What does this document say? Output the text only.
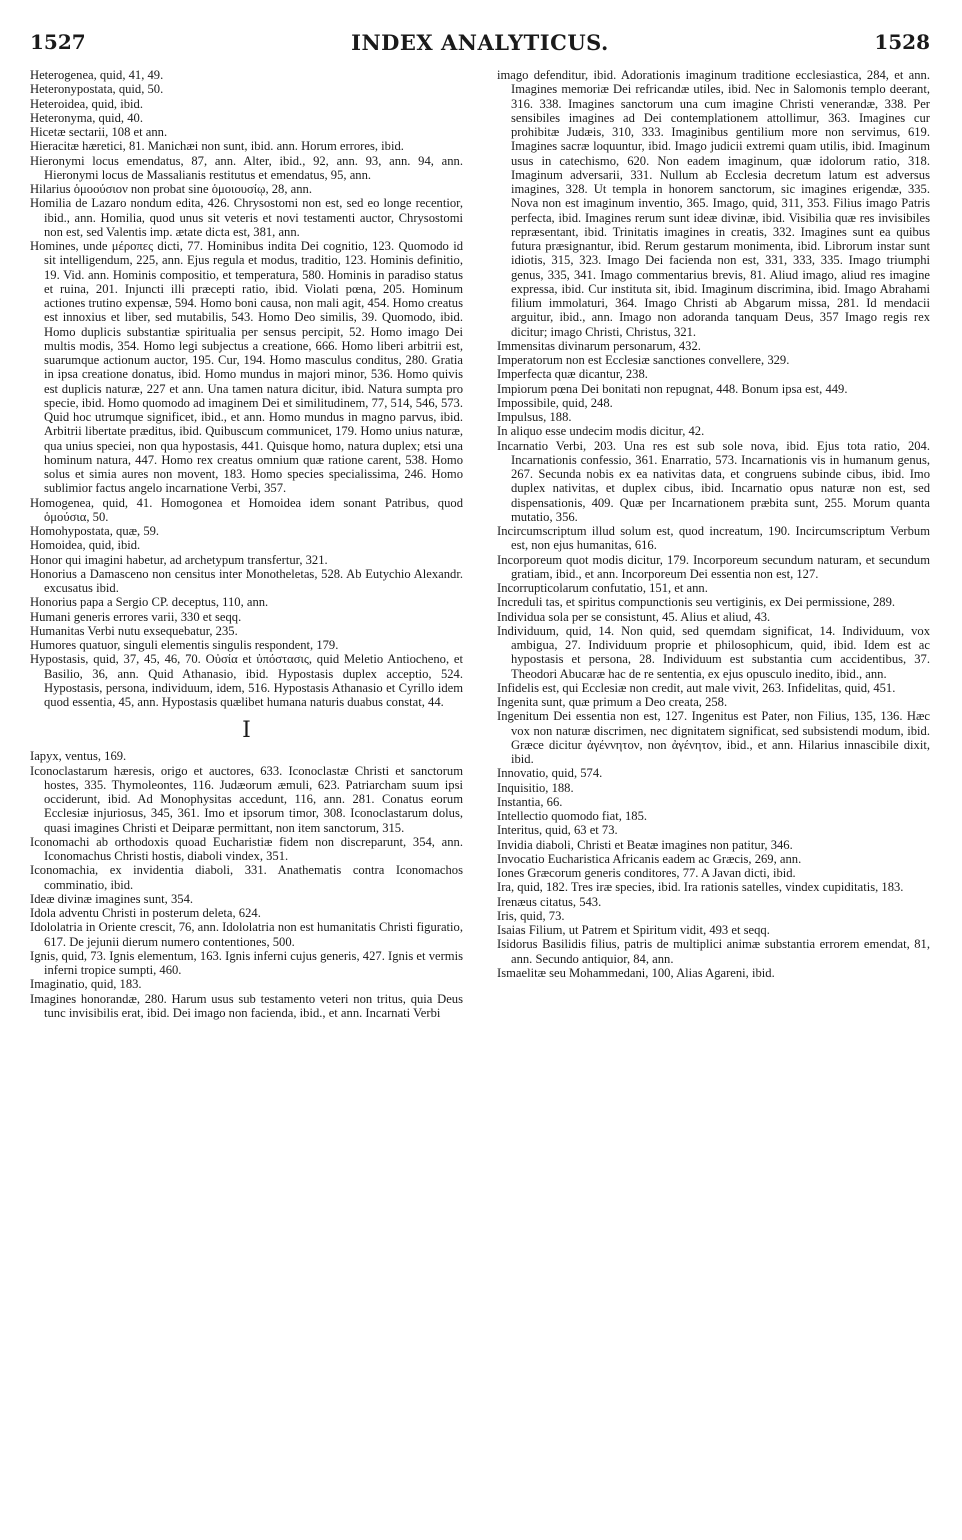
1527	INDEX ANALYTICUS.	1528

Heterogenea, quid, 41, 49.

Heteronypostata, quid, 50.

Heteroidea, quid, ibid.

Heteronyma, quid, 40.

Hicetæ sectarii, 108 et ann.

Hieracitæ hæretici, 81. Manichæi non sunt, ibid. ann. Horum errores, ibid.

Hieronymi locus emendatus, 87, ann. Alter, ibid., 92, ann. 93, ann. 94, ann. Hieronymi locus de Massalianis restitutus et emendatus, 95, ann.

Hilarius ὁμοούσιον non probat sine ὁμοιουσίῳ, 28, ann.

Homilia de Lazaro nondum edita, 426. Chrysostomi non est, sed eo longe recentior, ibid., ann. Homilia, quod unus sit veteris et novi testamenti auctor, Chrysostomi non est, sed Valentis imp. ætate dicta est, 381, ann.

Homines, unde μέροπες dicti, 77. Hominibus indita Dei cognitio, 123. Quomodo id sit intelligendum, 225, ann. Ejus regula et modus, traditio, 123. Hominis definitio, 19. Vid. ann. Hominis compositio, et temperatura, 580. Hominis in paradiso status et ruina, 201. Injuncti illi præcepti ratio, ibid. Violati pœna, 205. Hominum actiones trutino expensæ, 594. Homo boni causa, non mali agit, 454. Homo creatus est innoxius et liber, sed mutabilis, 543. Homo Deo similis, 39. Quomodo, ibid. Homo duplicis substantiæ spiritualia per sensus percipit, 52. Homo imago Dei multis modis, 354. Homo legi subjectus a creatione, 666. Homo liberi arbitrii est, suarumque actionum auctor, 195. Cur, 194. Homo masculus conditus, 280. Gratia in ipsa creatione donatus, ibid. Homo mundus in majori minor, 536. Homo quivis est duplicis naturæ, 227 et ann. Una tamen natura dicitur, ibid. Natura sumpta pro specie, ibid. Homo quomodo ad imaginem Dei et similitudinem, 77, 514, 546, 573. Quid hoc utrumque significet, ibid., et ann. Homo mundus in magno parvus, ibid. Arbitrii libertate præditus, ibid. Quibuscum communicet, 179. Homo unius naturæ, qua unius speciei, non qua hypostasis, 441. Quisque homo, natura duplex; etsi una hominum natura, 447. Homo rex creatus omnium quæ ratione carent, 538. Homo solus et simia aures non movent, 183. Homo species specialissima, 246. Homo sublimior factus angelo incarnatione Verbi, 357.

Homogenea, quid, 41. Homogonea et Homoidea idem sonant Patribus, quod ὁμούσια, 50.

Homohypostata, quæ, 59.

Homoidea, quid, ibid.

Honor qui imagini habetur, ad archetypum transfertur, 321.

Honorius a Damasceno non censitus inter Monotheletas, 528. Ab Eutychio Alexandr. excusatus ibid.

Honorius papa a Sergio CP. deceptus, 110, ann.

Humani generis errores varii, 330 et seqq.

Humanitas Verbi nutu exsequebatur, 235.

Humores quatuor, singuli elementis singulis respondent, 179.

Hypostasis, quid, 37, 45, 46, 70. Οὐσία et ὑπόστασις, quid Meletio Antiocheno, et Basilio, 36, ann. Quid Athanasio, ibid. Hypostasis duplex acceptio, 524. Hypostasis, persona, individuum, idem, 516. Hypostasis Athanasio et Cyrillo idem quod essentia, 45, ann. Hypostasis quælibet humana naturis duabus constat, 44.

I

Iapyx, ventus, 169.

Iconoclastarum hæresis, origo et auctores, 633. Iconoclastæ Christi et sanctorum hostes, 335. Thymoleontes, 116. Judæorum æmuli, 623. Patriarcham suum ipsi occiderunt, ibid. Ad Monophysitas accedunt, 116, ann. 281. Conatus eorum Ecclesiæ injuriosus, 345, 361. Imo et ipsorum timor, 308. Iconoclastarum dolus, quasi imagines Christi et Deiparæ permittant, non item sanctorum, 315.

Iconomachi ab orthodoxis quoad Eucharistiæ fidem non discreparunt, 354, ann. Iconomachus Christi hostis, diaboli vindex, 351.

Iconomachia, ex invidentia diaboli, 331. Anathematis contra Iconomachos comminatio, ibid.

Ideæ divinæ imagines sunt, 354.

Idola adventu Christi in posterum deleta, 624.

Idololatria in Oriente crescit, 76, ann. Idololatria non est humanitatis Christi figuratio, 617. De jejunii dierum numero contentiones, 500.

Ignis, quid, 73. Ignis elementum, 163. Ignis inferni cujus generis, 427. Ignis et vermis inferni tropice sumpti, 460.

Imaginatio, quid, 183.

Imagines honorandæ, 280. Harum usus sub testamento veteri non tritus, quia Deus tunc invisibilis erat, ibid. Dei imago non facienda, ibid., et ann. Incarnati Verbi

imago defenditur, ibid. Adorationis imaginum traditione ecclesiastica, 284, et ann. Imagines memoriæ Dei refricandæ utiles, ibid. Nec in Salomonis templo deerant, 316. 338. Imagines sanctorum una cum imagine Christi venerandæ, 338. Per sensibiles imagines ad Dei contemplationem attollimur, 363. Imagines cur prohibitæ Judæis, 310, 333. Imaginibus gentilium more non servimus, 619. Imagines sacræ loquuntur, ibid. Imago judicii extremi quam utilis, ibid. Imaginum usus in catechismo, 620. Non eadem imaginum, quæ idolorum ratio, 318. Imaginum adversarii, 331. Nullum ab Ecclesia decretum latum est adversus imagines, 328. Ut templa in honorem sanctorum, sic imagines erigendæ, 335. Nova non est imaginum inventio, 365. Imago, quid, 311, 353. Filius imago Patris perfecta, ibid. Imagines rerum sunt ideæ divinæ, ibid. Visibilia quæ res invisibiles repræsentant, ibid. Trinitatis imagines in creatis, 332. Imagines sunt ea quibus futura præsignantur, ibid. Rerum gestarum monimenta, ibid. Librorum instar sunt idiotis, 315, 323. Imago Dei facienda non est, 331, 333, 335. Imago triumphi genus, 335, 341. Imago commentarius brevis, 81. Aliud imago, aliud res imagine expressa, ibid. Cur instituta sit, ibid. Imaginum discrimina, ibid. Imago Abrahami filium immolaturi, 364. Imago Christi ab Abgarum missa, 281. Id mendacii arguitur, ibid., ann. Imago non adoranda tanquam Deus, 357 Imago regis rex dicitur; imago Christi, Christus, 321.

Immensitas divinarum personarum, 432.

Imperatorum non est Ecclesiæ sanctiones convellere, 329.

Imperfecta quæ dicantur, 238.

Impiorum pœna Dei bonitati non repugnat, 448. Bonum ipsa est, 449.

Impossibile, quid, 248.

Impulsus, 188.

In aliquo esse undecim modis dicitur, 42.

Incarnatio Verbi, 203. Una res est sub sole nova, ibid. Ejus tota ratio, 204. Incarnationis confessio, 361. Enarratio, 573. Incarnationis vis in humanum genus, 267. Secunda nobis ex ea nativitas data, et congruens subinde cibus, ibid. Imo duplex nativitas, et duplex cibus, ibid. Incarnatio opus naturæ non est, sed dispensationis, 409. Quæ per Incarnationem præbita sunt, 255. Morum quanta mutatio, 356.

Incircumscriptum illud solum est, quod increatum, 190. Incircumscriptum Verbum est, non ejus humanitas, 616.

Incorporeum quot modis dicitur, 179. Incorporeum secundum naturam, et secundum gratiam, ibid., et ann. Incorporeum Dei essentia non est, 127.

Incorrupticolarum confutatio, 151, et ann.

Increduli tas, et spiritus compunctionis seu vertiginis, ex Dei permissione, 289.

Individua sola per se consistunt, 45. Alius et aliud, 43.

Individuum, quid, 14. Non quid, sed quemdam significat, 14. Individuum, vox ambigua, 27. Individuum proprie et philosophicum, quid, ibid. Idem est ac hypostasis et persona, 28. Individuum est substantia cum accidentibus, 37. Theodori Abucaræ hac de re sententia, ex ejus opusculo inedito, ibid., ann.

Infidelis est, qui Ecclesiæ non credit, aut male vivit, 263. Infidelitas, quid, 451.

Ingenita sunt, quæ primum a Deo creata, 258.

Ingenitum Dei essentia non est, 127. Ingenitus est Pater, non Filius, 135, 136. Hæc vox non naturæ discrimen, nec dignitatem significat, sed subsistendi modum, ibid. Græce dicitur ἀγέννητον, non ἀγένητον, ibid., et ann. Hilarius innascibile dixit, ibid.

Innovatio, quid, 574.

Inquisitio, 188.

Instantia, 66.

Intellectio quomodo fiat, 185.

Interitus, quid, 63 et 73.

Invidia diaboli, Christi et Beatæ imagines non patitur, 346.

Invocatio Eucharistica Africanis eadem ac Græcis, 269, ann.

Iones Græcorum generis conditores, 77. A Javan dicti, ibid.

Ira, quid, 182. Tres iræ species, ibid. Ira rationis satelles, vindex cupiditatis, 183.

Irenæus citatus, 543.

Iris, quid, 73.

Isaias Filium, ut Patrem et Spiritum vidit, 493 et seqq.

Isidorus Basilidis filius, patris de multiplici animæ substantia errorem emendat, 81, ann. Secundo antiquior, 84, ann.

Ismaelitæ seu Mohammedani, 100, Alias Agareni, ibid.
